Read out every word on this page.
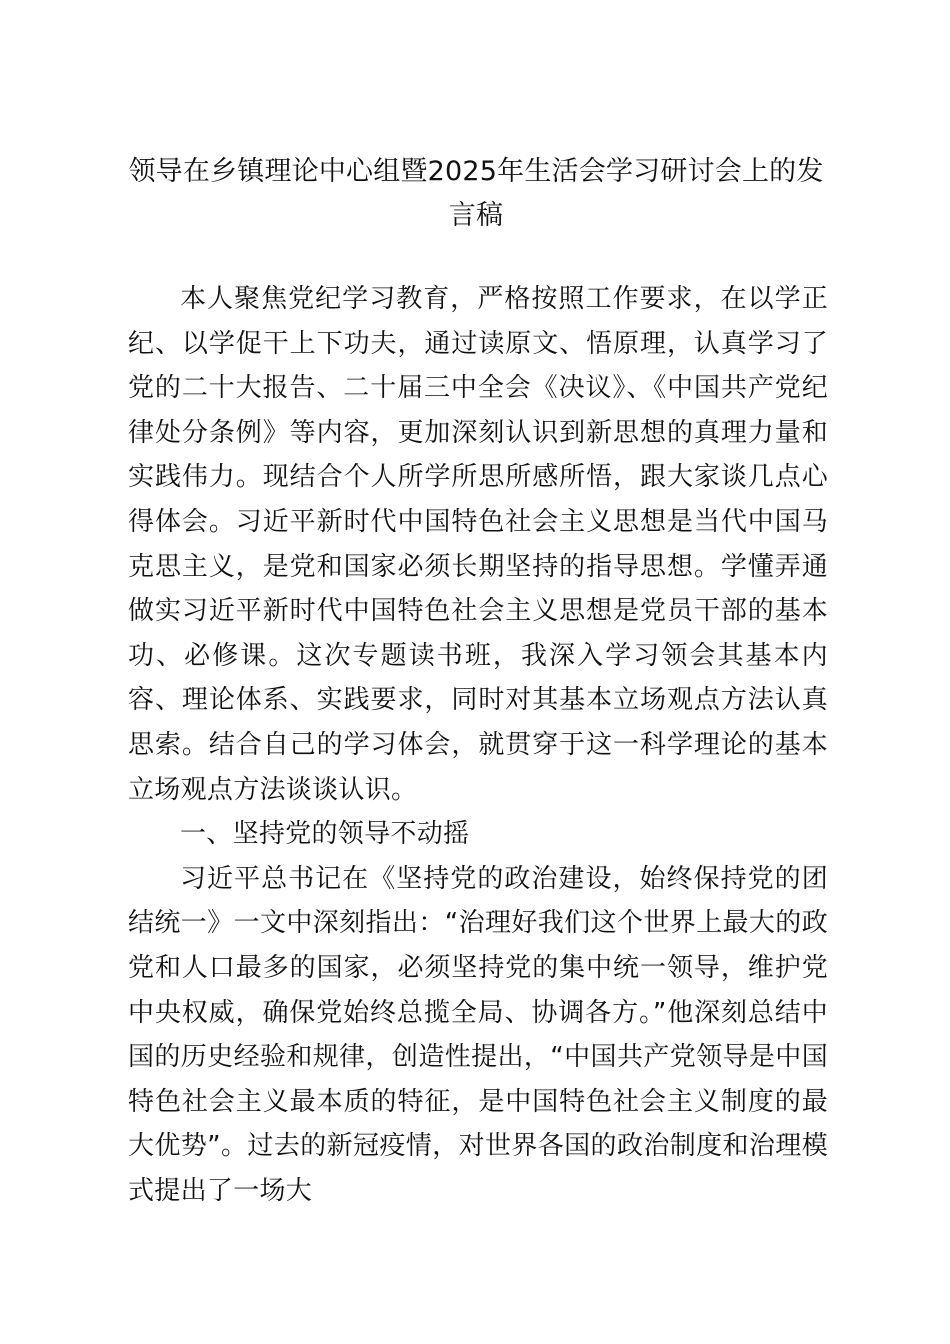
领导在乡镇理论中心组暨2025年生活会学习研讨会上的发言稿

本人聚焦党纪学习教育，严格按照工作要求，在以学正纪、以学促干上下功夫，通过读原文、悟原理，认真学习了党的二十大报告、二十届三中全会《决议》、《中国共产党纪律处分条例》等内容，更加深刻认识到新思想的真理力量和实践伟力。现结合个人所学所思所感所悟，跟大家谈几点心得体会。习近平新时代中国特色社会主义思想是当代中国马克思主义，是党和国家必须长期坚持的指导思想。学懂弄通做实习近平新时代中国特色社会主义思想是党员干部的基本功、必修课。这次专题读书班，我深入学习领会其基本内容、理论体系、实践要求，同时对其基本立场观点方法认真思索。结合自己的学习体会，就贯穿于这一科学理论的基本立场观点方法谈谈认识。

一、坚持党的领导不动摇

习近平总书记在《坚持党的政治建设，始终保持党的团结统一》一文中深刻指出：“治理好我们这个世界上最大的政党和人口最多的国家，必须坚持党的集中统一领导，维护党中央权威，确保党始终总揽全局、协调各方。”他深刻总结中国的历史经验和规律，创造性提出，“中国共产党领导是中国特色社会主义最本质的特征，是中国特色社会主义制度的最大优势”。过去的新冠疫情，对世界各国的政治制度和治理模式提出了一场大
